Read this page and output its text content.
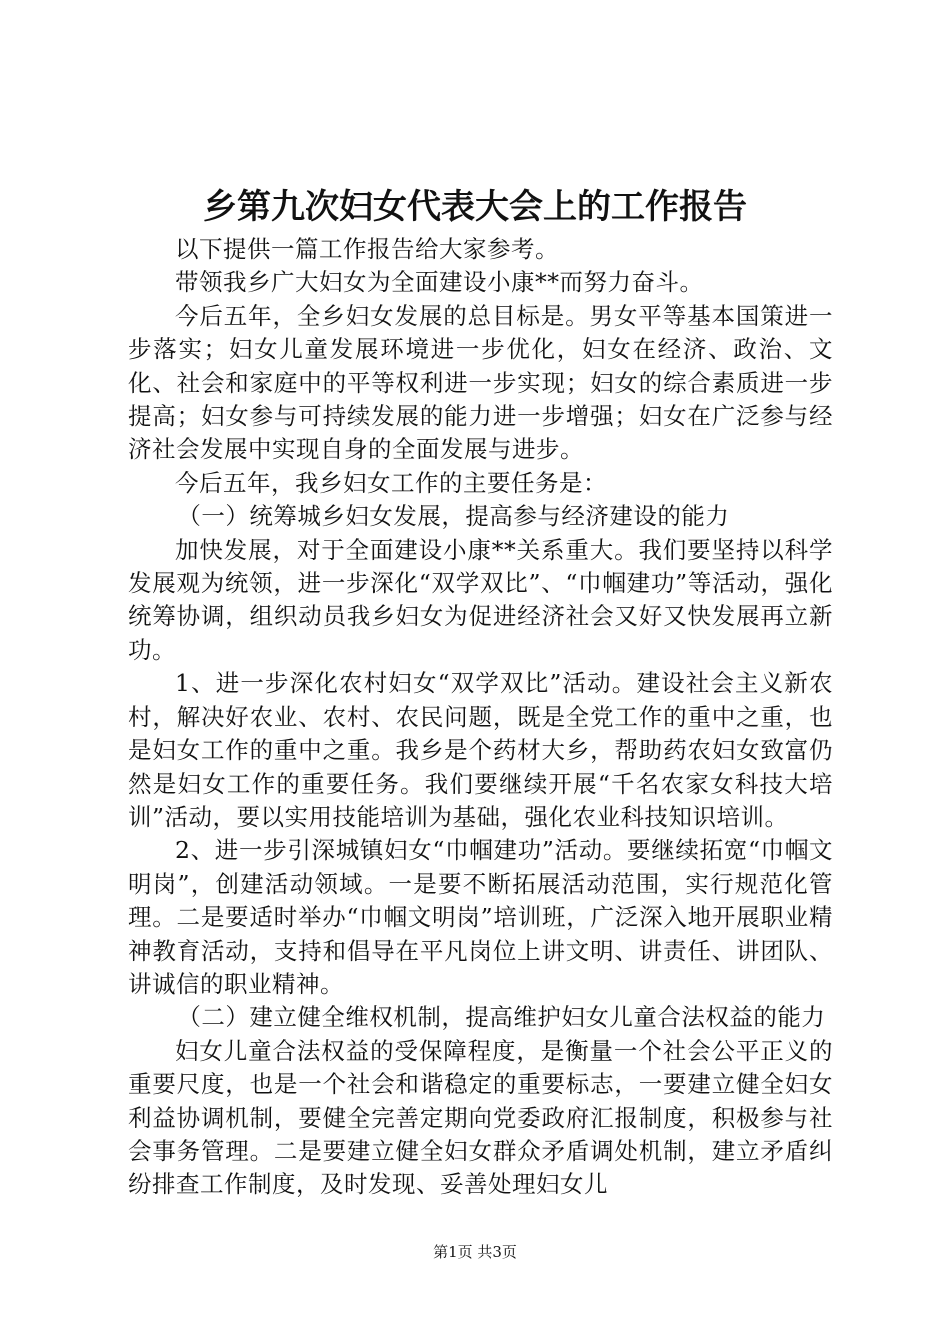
乡第九次妇女代表大会上的工作报告

以下提供一篇工作报告给大家参考。

带领我乡广大妇女为全面建设小康**而努力奋斗。

今后五年，全乡妇女发展的总目标是。男女平等基本国策进一步落实；妇女儿童发展环境进一步优化，妇女在经济、政治、文化、社会和家庭中的平等权利进一步实现；妇女的综合素质进一步提高；妇女参与可持续发展的能力进一步增强；妇女在广泛参与经济社会发展中实现自身的全面发展与进步。

今后五年，我乡妇女工作的主要任务是：

（一）统筹城乡妇女发展，提高参与经济建设的能力

加快发展，对于全面建设小康**关系重大。我们要坚持以科学发展观为统领，进一步深化“双学双比”、“巾帼建功”等活动，强化统筹协调，组织动员我乡妇女为促进经济社会又好又快发展再立新功。

1、进一步深化农村妇女“双学双比”活动。建设社会主义新农村，解决好农业、农村、农民问题，既是全党工作的重中之重，也是妇女工作的重中之重。我乡是个药材大乡，帮助药农妇女致富仍然是妇女工作的重要任务。我们要继续开展“千名农家女科技大培训”活动，要以实用技能培训为基础，强化农业科技知识培训。

2、进一步引深城镇妇女“巾帼建功”活动。要继续拓宽“巾帼文明岗”，创建活动领域。一是要不断拓展活动范围，实行规范化管理。二是要适时举办“巾帼文明岗”培训班，广泛深入地开展职业精神教育活动，支持和倡导在平凡岗位上讲文明、讲责任、讲团队、讲诚信的职业精神。

（二）建立健全维权机制，提高维护妇女儿童合法权益的能力

妇女儿童合法权益的受保障程度，是衡量一个社会公平正义的重要尺度，也是一个社会和谐稳定的重要标志，一要建立健全妇女利益协调机制，要健全完善定期向党委政府汇报制度，积极参与社会事务管理。二是要建立健全妇女群众矛盾调处机制，建立矛盾纠纷排查工作制度，及时发现、妥善处理妇女儿

第1页 共3页
